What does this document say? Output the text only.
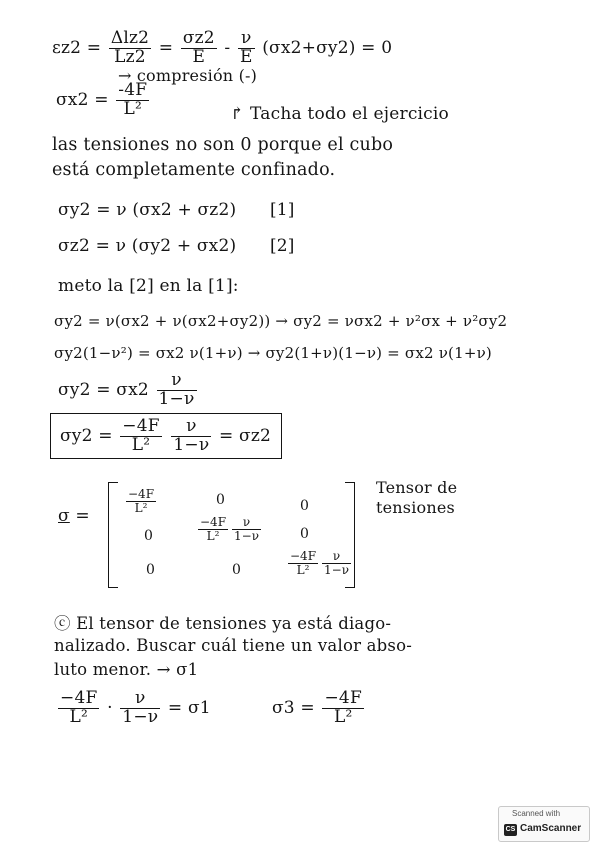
$\varepsilon z2 = \frac{\text{Δlz2}}{Lz2} = \frac{\sigma z2}{E} - \frac{\nu}{E} (\sigma x2+\sigma y2) = 0$
→ compresión (-)
$\sigma x2 = \frac{-4F}{\text{L²}}$	↱ Tacha todo el ejercicio
las tensiones no son 0 porque el cubo
está completamente confinado.
σy2 = ν (σx2 + σz2) [1]
σz2 = ν (σy2 + σx2) [2]
meto la [2] en la [1]:
σy2 = ν(σx2 + ν(σx2+σy2)) → σy2 = νσx2 + ν²σx + ν²σy2
σy2(1−ν²) = σx2 ν(1+ν) → σy2(1+ν)(1−ν) = σx2 ν(1+ν)
$\sigma y2 = \sigma x2 \frac{\nu}{1-\nu}$
$\sigma y2 = \frac{-4F}{\text{L²}}$
$\frac{\nu}{1-\nu} = \sigma z2$
σ =
$\frac{-4F}{\text{L²}}$	0	0
0	$\frac{-4F}{\text{L²}} \frac{\nu}{1-\nu}$	0
0	0	$\frac{-4F}{\text{L²}} \frac{\nu}{1-\nu}$
Tensor de
tensiones
ⓒ El tensor de tensiones ya está diago-
nalizado. Buscar cuál tiene un valor abso-
luto menor. → σ1
$\frac{-4F}{\text{L²}} \cdot \frac{\nu}{1-\nu} = \sigma 1$	$\sigma 3 = \frac{-4F}{\text{L²}}$
Scanned with
CS CamScanner
